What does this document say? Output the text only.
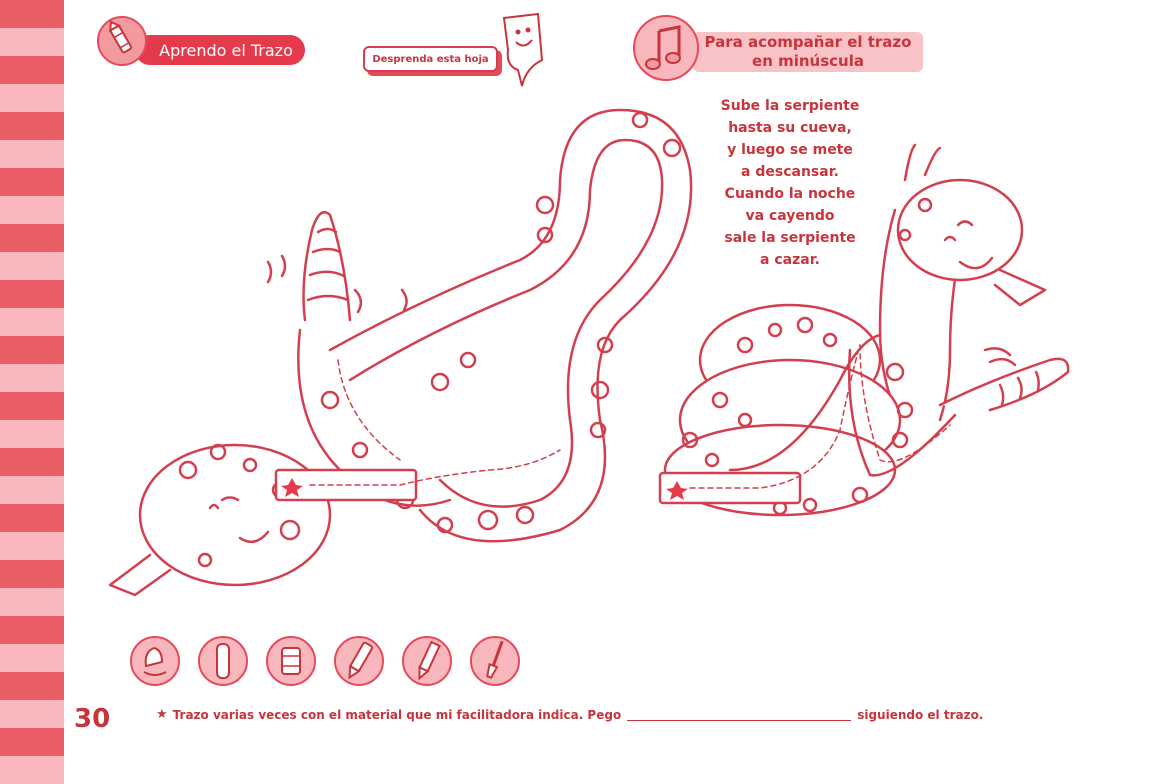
Aprendo el Trazo	Desprenda esta hoja
Para acompañar el trazo
en minúscula
Sube la serpiente
hasta su cueva,
y luego se mete
a descansar.
Cuando la noche
va cayendo
sale la serpiente
a cazar.
30	★ Trazo varias veces con el material que mi facilitadora indica. Pego	siguiendo el trazo.
